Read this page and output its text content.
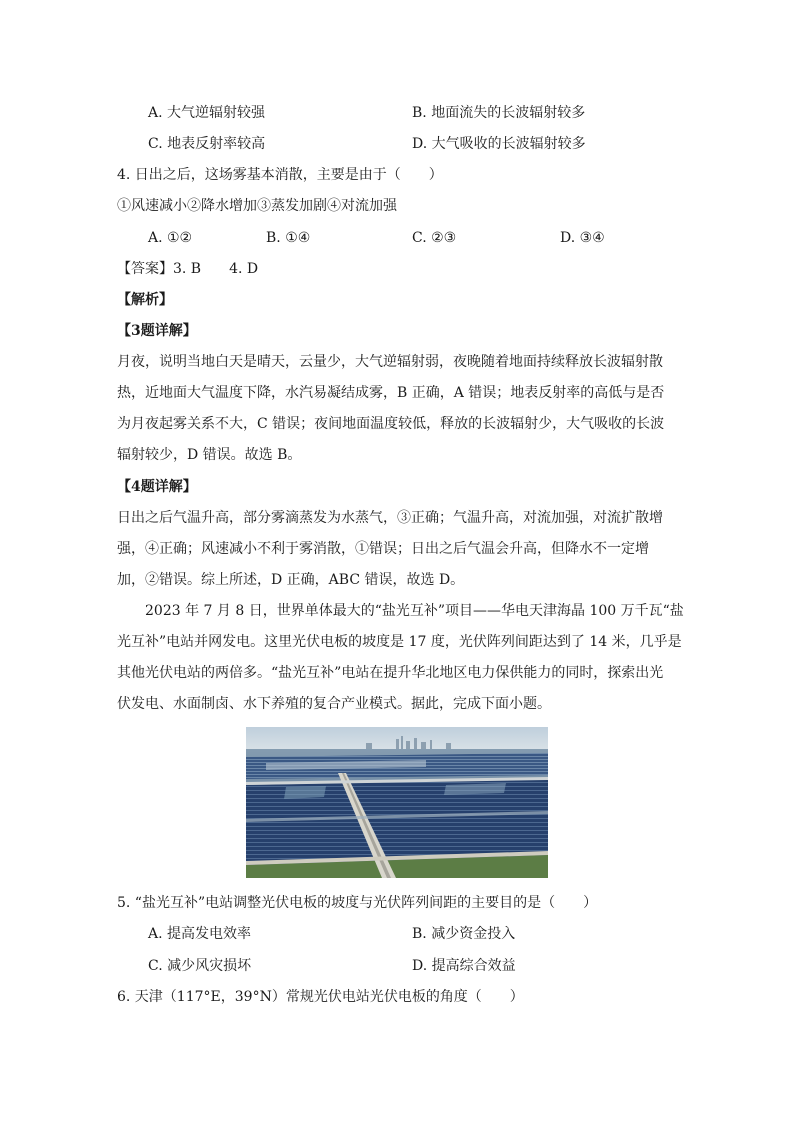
A. 大气逆辐射较强	B. 地面流失的长波辐射较多
C. 地表反射率较高	D. 大气吸收的长波辐射较多
4. 日出之后，这场雾基本消散，主要是由于（　　）
①风速减小②降水增加③蒸发加剧④对流加强
A. ①②	B. ①④	C. ②③	D. ③④
【答案】3. B　　4. D
【解析】
【3题详解】
月夜，说明当地白天是晴天，云量少，大气逆辐射弱，夜晚随着地面持续释放长波辐射散
热，近地面大气温度下降，水汽易凝结成雾，B 正确，A 错误；地表反射率的高低与是否
为月夜起雾关系不大，C 错误；夜间地面温度较低，释放的长波辐射少，大气吸收的长波
辐射较少，D 错误。故选 B。
【4题详解】
日出之后气温升高，部分雾滴蒸发为水蒸气，③正确；气温升高，对流加强，对流扩散增
强，④正确；风速减小不利于雾消散，①错误；日出之后气温会升高，但降水不一定增
加，②错误。综上所述，D 正确，ABC 错误，故选 D。
2023 年 7 月 8 日，世界单体最大的“盐光互补”项目——华电天津海晶 100 万千瓦“盐
光互补”电站并网发电。这里光伏电板的坡度是 17 度，光伏阵列间距达到了 14 米，几乎是
其他光伏电站的两倍多。“盐光互补”电站在提升华北地区电力保供能力的同时，探索出光
伏发电、水面制卤、水下养殖的复合产业模式。据此，完成下面小题。
5. “盐光互补”电站调整光伏电板的坡度与光伏阵列间距的主要目的是（　　）
A. 提高发电效率	B. 减少资金投入
C. 减少风灾损坏	D. 提高综合效益
6. 天津（117°E，39°N）常规光伏电站光伏电板的角度（　　）
